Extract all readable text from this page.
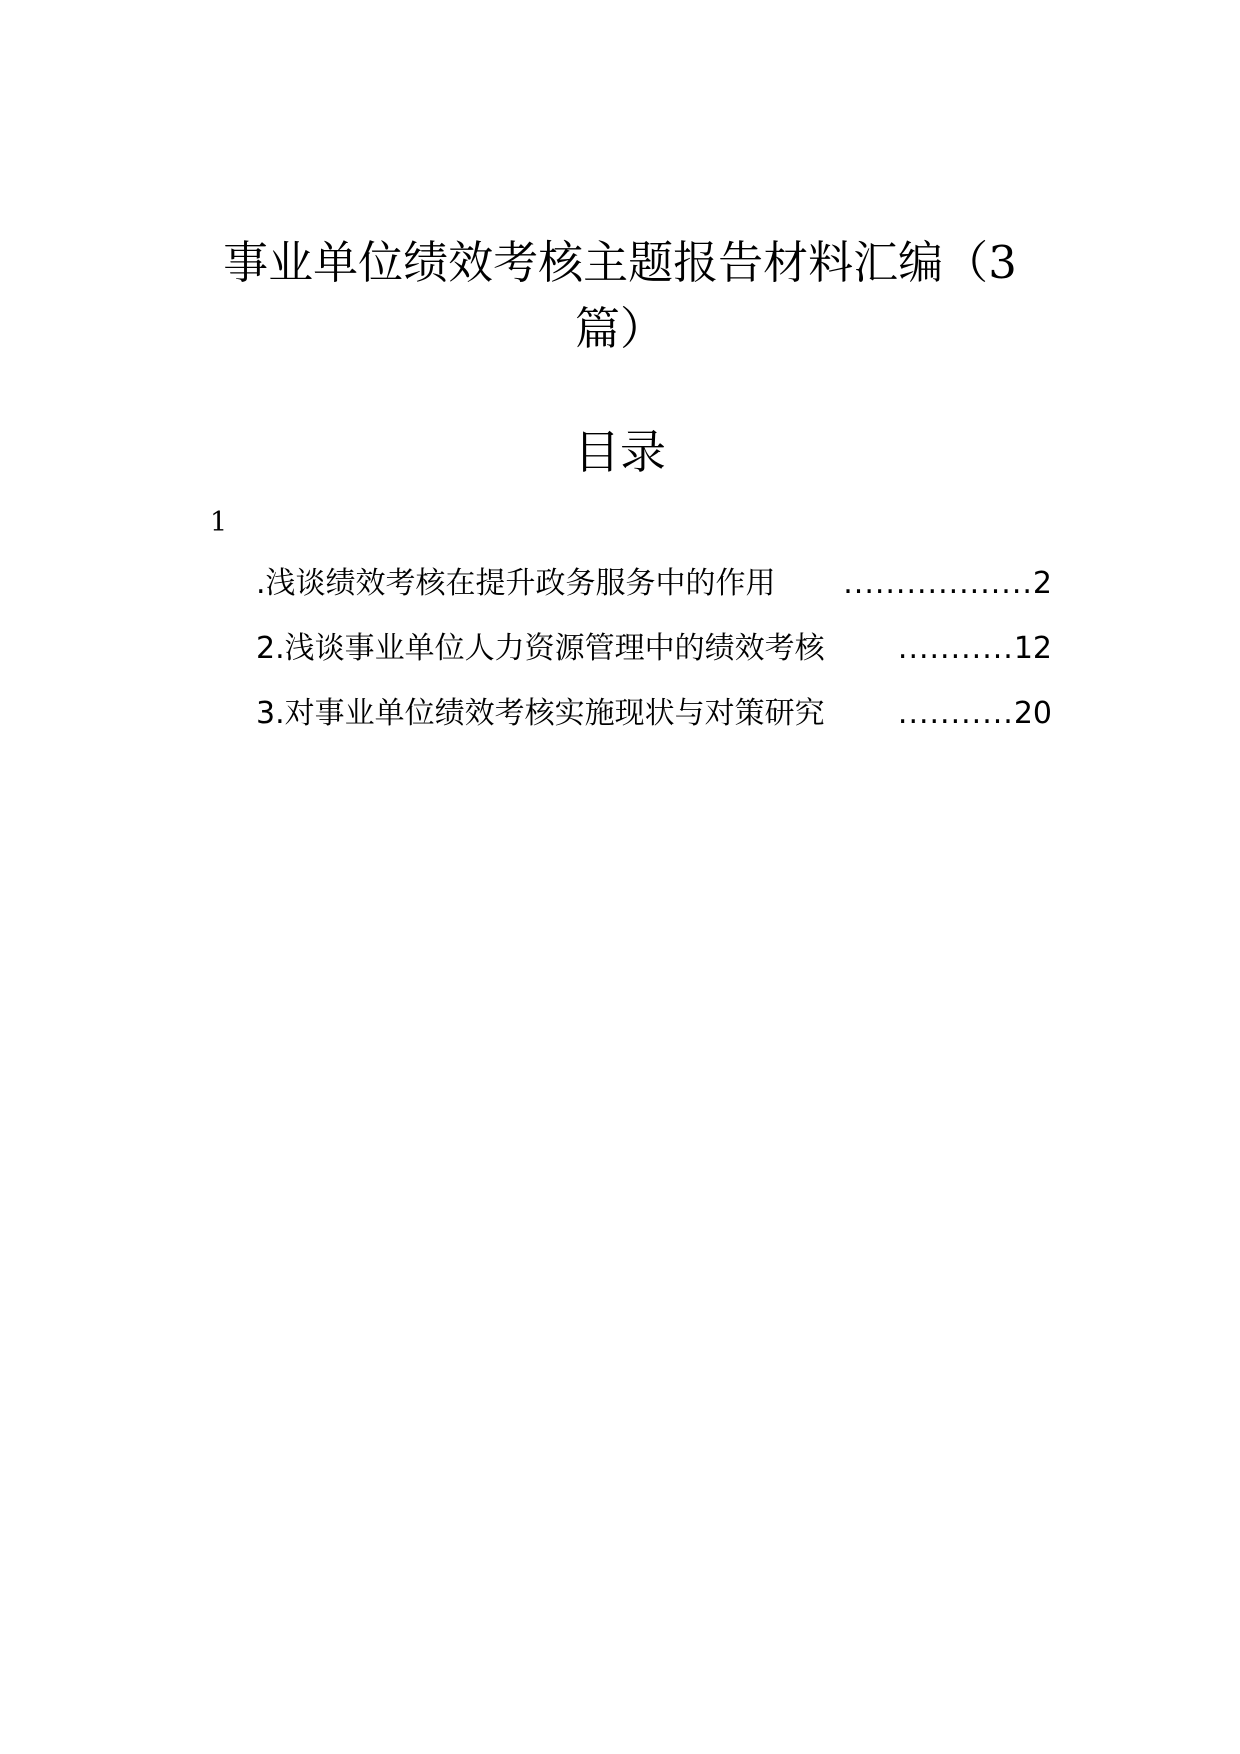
事业单位绩效考核主题报告材料汇编（3
篇）
目录
1
.浅谈绩效考核在提升政务服务中的作用	.................. 2
2.浅谈事业单位人力资源管理中的绩效考核	........... 12
3.对事业单位绩效考核实施现状与对策研究	........... 20
